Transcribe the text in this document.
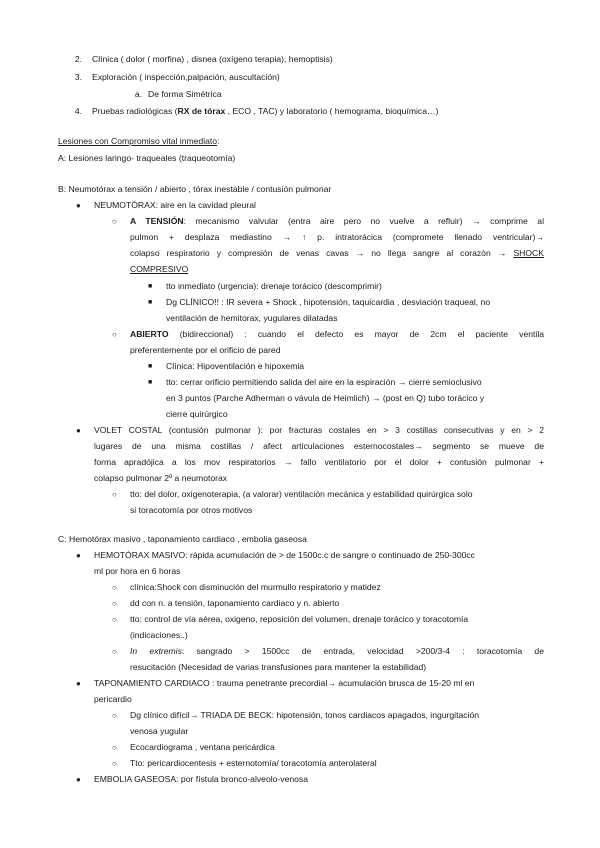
2. Clínica ( dolor ( morfina) , disnea (oxígeno terapia), hemoptisis)
3. Exploración ( inspección,palpación, auscultación)
a. De forma Simétrica
4. Pruebas radiológicas (RX de tórax , ECO , TAC) y laboratorio ( hemograma, bioquímica…)
Lesiones con Compromiso vital inmediato:
A: Lesiones laringo- traqueales (traqueotomía)
B: Neumotórax a tensión / abierto , tórax inestable / contusión pulmonar
● NEUMOTÓRAX: aire en la cavidad pleural
○ A TENSIÓN: mecanismo valvular (entra aire pero no vuelve a refluir) → comprime al
pulmon + desplaza mediastino → ↑ p. intratorácica (compromete llenado ventricular)→
colapso respiratorio y compresión de venas cavas → no llega sangre al corazón → SHOCK
COMPRESIVO
■ tto inmediato (urgencia): drenaje torácico (descomprimir)
■ Dg CLÍNICO!! : IR severa + Shock , hipotensión, taquicardia , desviación traqueal, no
ventilación de hemitorax, yugulares dilatadas
○ ABIERTO (bidireccional) : cuando el defecto es mayor de 2cm el paciente ventila
preferentemente por el orificio de pared
■ Clínica: Hipoventilación e hipoxemia
■ tto: cerrar orificio permitiendo salida del aire en la espiración → cierre semioclusivo
en 3 puntos (Parche Adherman o vávula de Heimlich) → (post en Q) tubo torácico y
cierre quirúrgico
● VOLET COSTAL (contusión pulmonar ): por fracturas costales en > 3 costillas consecutivas y en > 2
lugares de una misma costillas / afect articulaciones esternocostales→ segmento se mueve de
forma apradójica a los mov respiratorios → fallo ventilatorio por el dolor + contusión pulmonar +
colapso pulmonar 2º a neumotorax
○ tto: del dolor, oxigenoterapia, (a valorar) ventilación mecánica y estabilidad quirúrgica solo
si toracotomía por otros motivos
C: Hemotórax masivo , taponamiento cardiaco , embolia gaseosa
● HEMOTÓRAX MASIVO: rápida acumulación de > de 1500c.c de sangre o continuado de 250-300cc
ml por hora en 6 horas
○ clínica:Shock con disminución del murmullo respiratorio y matidez
○ dd con n. a tensión, taponamiento cardiaco y n. abierto
○ tto: control de vía aérea, oxigeno, reposición del volumen, drenaje torácico y toracotomía
(indicaciones..)
○ In extremis: sangrado > 1500cc de entrada, velocidad >200/3-4 : toracotomía de
resucitación (Necesidad de varias transfusiones para mantener la estabilidad)
● TAPONAMIENTO CARDIACO : trauma penetrante precordial→ acumulación brusca de 15-20 ml en
pericardio
○ Dg clínico difícil→ TRIADA DE BECK: hipotensión, tonos cardiacos apagados, ingurgitación
venosa yugular
○ Ecocardiograma , ventana pericárdica
○ Tto: pericardiocentesis + esternotomía/ toracotomía anterolateral
● EMBOLIA GASEOSA: por fístula bronco-alveolo-venosa
